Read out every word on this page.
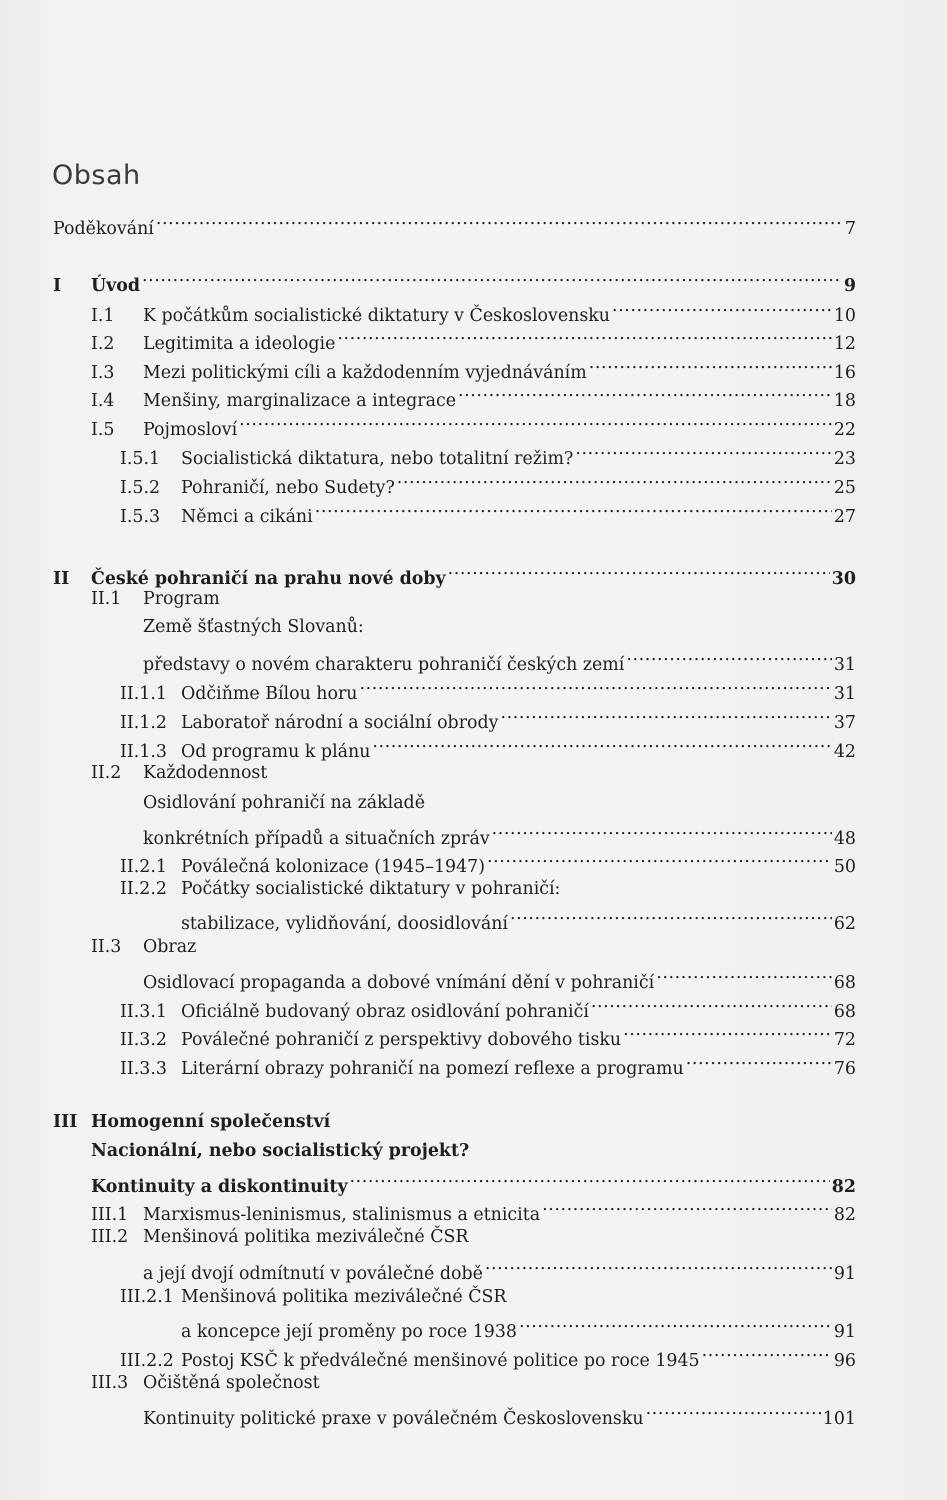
Obsah
Poděkování .....	7
I	Úvod .....	9
I.1	K počátkům socialistické diktatury v Československu .....	10
I.2	Legitimita a ideologie .....	12
I.3	Mezi politickými cíli a každodenním vyjednáváním .....	16
I.4	Menšiny, marginalizace a integrace .....	18
I.5	Pojmosloví .....	22
I.5.1	Socialistická diktatura, nebo totalitní režim? .....	23
I.5.2	Pohraničí, nebo Sudety? .....	25
I.5.3	Němci a cikáni .....	27
II	České pohraničí na prahu nové doby .....	30
II.1	Program
Země šťastných Slovanů:
představy o novém charakteru pohraničí českých zemí .....	31
II.1.1 Odčiňme Bílou horu .....	31
II.1.2 Laboratoř národní a sociální obrody .....	37
II.1.3 Od programu k plánu .....	42
II.2	Každodennost
Osidlování pohraničí na základě
konkrétních případů a situačních zpráv .....	48
II.2.1 Poválečná kolonizace (1945–1947) .....	50
II.2.2 Počátky socialistické diktatury v pohraničí:
stabilizace, vylidňování, doosidlování .....	62
II.3	Obraz
Osidlovací propaganda a dobové vnímání dění v pohraničí .....	68
II.3.1 Oficiálně budovaný obraz osidlování pohraničí .....	68
II.3.2 Poválečné pohraničí z perspektivy dobového tisku .....	72
II.3.3 Literární obrazy pohraničí na pomezí reflexe a programu .....	76
III Homogenní společenství
Nacionální, nebo socialistický projekt?
Kontinuity a diskontinuity .....	82
III.1 Marxismus-leninismus, stalinismus a etnicita .....	82
III.2 Menšinová politika meziválečné ČSR
a její dvojí odmítnutí v poválečné době .....	91
III.2.1 Menšinová politika meziválečné ČSR
a koncepce její proměny po roce 1938 .....	91
III.2.2 Postoj KSČ k předválečné menšinové politice po roce 1945 .....	96
III.3 Očištěná společnost
Kontinuity politické praxe v poválečném Československu .....	101
